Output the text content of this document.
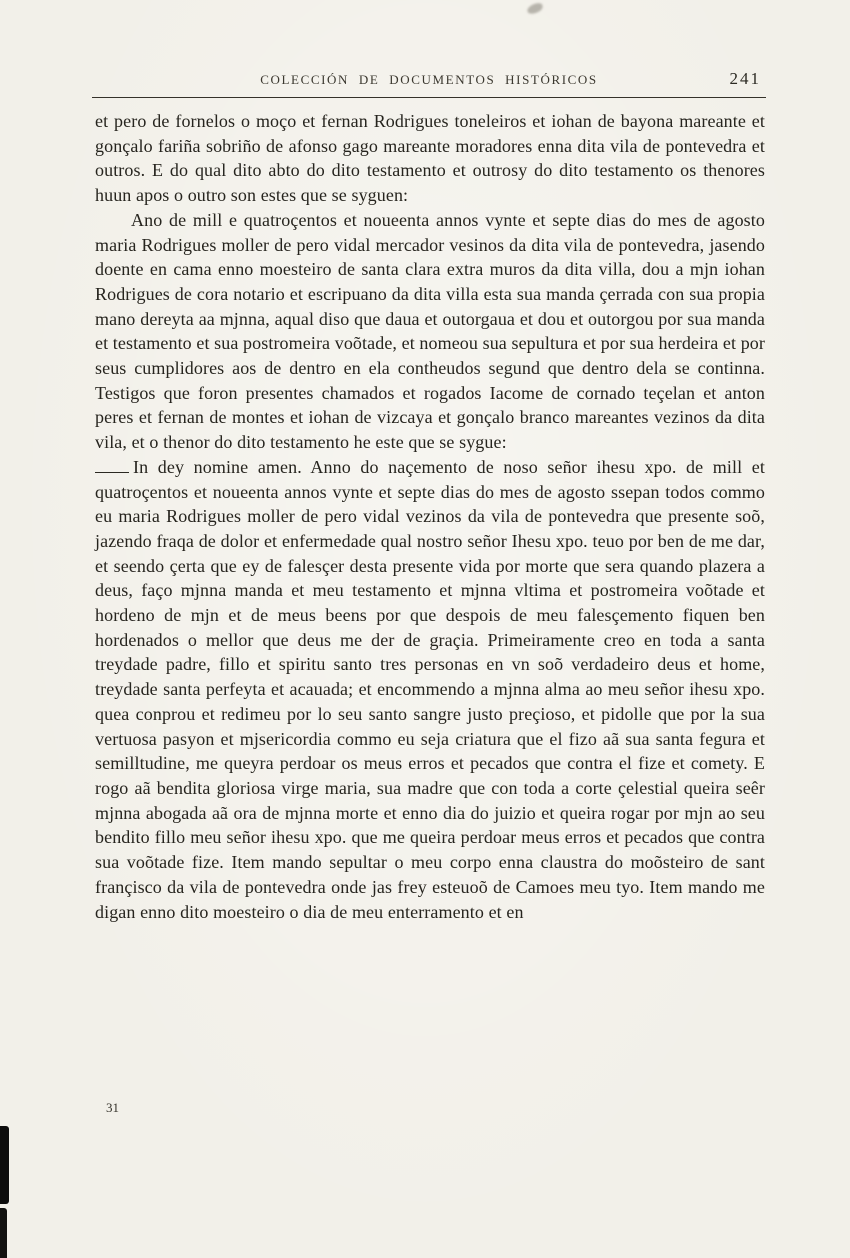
COLECCIÓN DE DOCUMENTOS HISTÓRICOS	241

et pero de fornelos o moço et fernan Rodrigues toneleiros et iohan de bayona mareante et gonçalo fariña sobriño de afonso gago mareante moradores enna dita vila de pontevedra et outros. E do qual dito abto do dito testamento et outrosy do dito testamento os thenores huun apos o outro son estes que se syguen:

Ano de mill e quatroçentos et noueenta annos vynte et septe dias do mes de agosto maria Rodrigues moller de pero vidal mercador vesinos da dita vila de pontevedra, jasendo doente en cama enno moesteiro de santa clara extra muros da dita villa, dou a mjn iohan Rodrigues de cora notario et escripuano da dita villa esta sua manda çerrada con sua propia mano dereyta aa mjnna, aqual diso que daua et outorgaua et dou et outorgou por sua manda et testamento et sua postromeira voõtade, et nomeou sua sepultura et por sua herdeira et por seus cumplidores aos de dentro en ela contheudos segund que dentro dela se continna. Testigos que foron presentes chamados et rogados Iacome de cornado teçelan et anton peres et fernan de montes et iohan de vizcaya et gonçalo branco mareantes vezinos da dita vila, et o thenor do dito testamento he este que se sygue:

In dey nomine amen. Anno do naçemento de noso señor ihesu xpo. de mill et quatroçentos et noueenta annos vynte et septe dias do mes de agosto ssepan todos commo eu maria Rodrigues moller de pero vidal vezinos da vila de pontevedra que presente soõ, jazendo fraqa de dolor et enfermedade qual nostro señor Ihesu xpo. teuo por ben de me dar, et seendo çerta que ey de falesçer desta presente vida por morte que sera quando plazera a deus, faço mjnna manda et meu testamento et mjnna vltima et postromeira voõtade et hordeno de mjn et de meus beens por que despois de meu falesçemento fiquen ben hordenados o mellor que deus me der de graçia. Primeiramente creo en toda a santa treydade padre, fillo et spiritu santo tres personas en vn soõ verdadeiro deus et home, treydade santa perfeyta et acauada; et encommendo a mjnna alma ao meu señor ihesu xpo. quea conprou et redimeu por lo seu santo sangre justo preçioso, et pidolle que por la sua vertuosa pasyon et mjsericordia commo eu seja criatura que el fizo aã sua santa fegura et semilltudine, me queyra perdoar os meus erros et pecados que contra el fize et comety. E rogo aã bendita gloriosa virge maria, sua madre que con toda a corte çelestial queira seêr mjnna abogada aã ora de mjnna morte et enno dia do juizio et queira rogar por mjn ao seu bendito fillo meu señor ihesu xpo. que me queira perdoar meus erros et pecados que contra sua voõtade fize. Item mando sepultar o meu corpo enna claustra do moõsteiro de sant françisco da vila de pontevedra onde jas frey esteuoõ de Camoes meu tyo. Item mando me digan enno dito moesteiro o dia de meu enterramento et en

31
